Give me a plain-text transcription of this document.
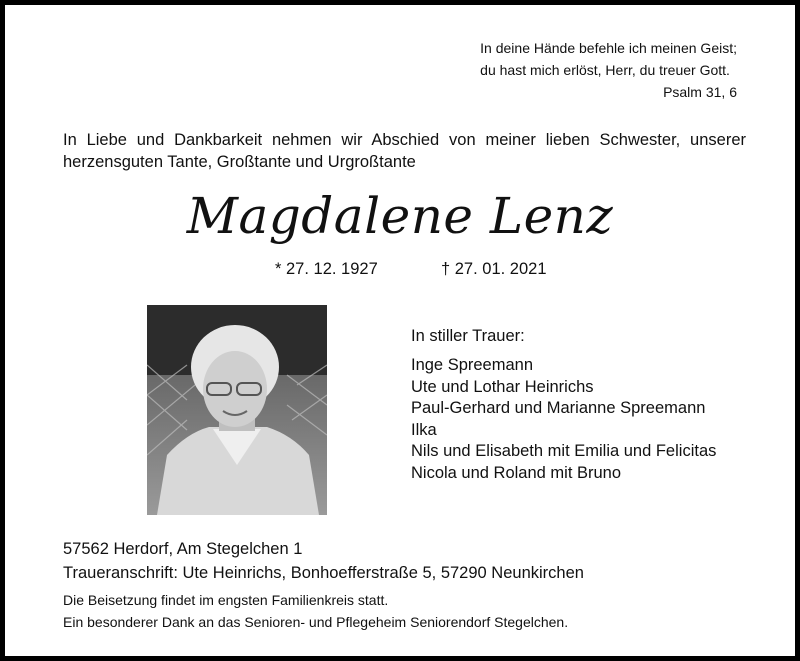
In deine Hände befehle ich meinen Geist;
du hast mich erlöst, Herr, du treuer Gott.
Psalm 31, 6
In Liebe und Dankbarkeit nehmen wir Abschied von meiner lieben Schwester, unserer
herzensguten Tante, Großtante und Urgroßtante
Magdalene Lenz
* 27. 12. 1927	† 27. 01. 2021
In stiller Trauer:
Inge Spreemann
Ute und Lothar Heinrichs
Paul-Gerhard und Marianne Spreemann
Ilka
Nils und Elisabeth mit Emilia und Felicitas
Nicola und Roland mit Bruno
57562 Herdorf, Am Stegelchen 1
Traueranschrift: Ute Heinrichs, Bonhoefferstraße 5, 57290 Neunkirchen
Die Beisetzung findet im engsten Familienkreis statt.
Ein besonderer Dank an das Senioren- und Pflegeheim Seniorendorf Stegelchen.
